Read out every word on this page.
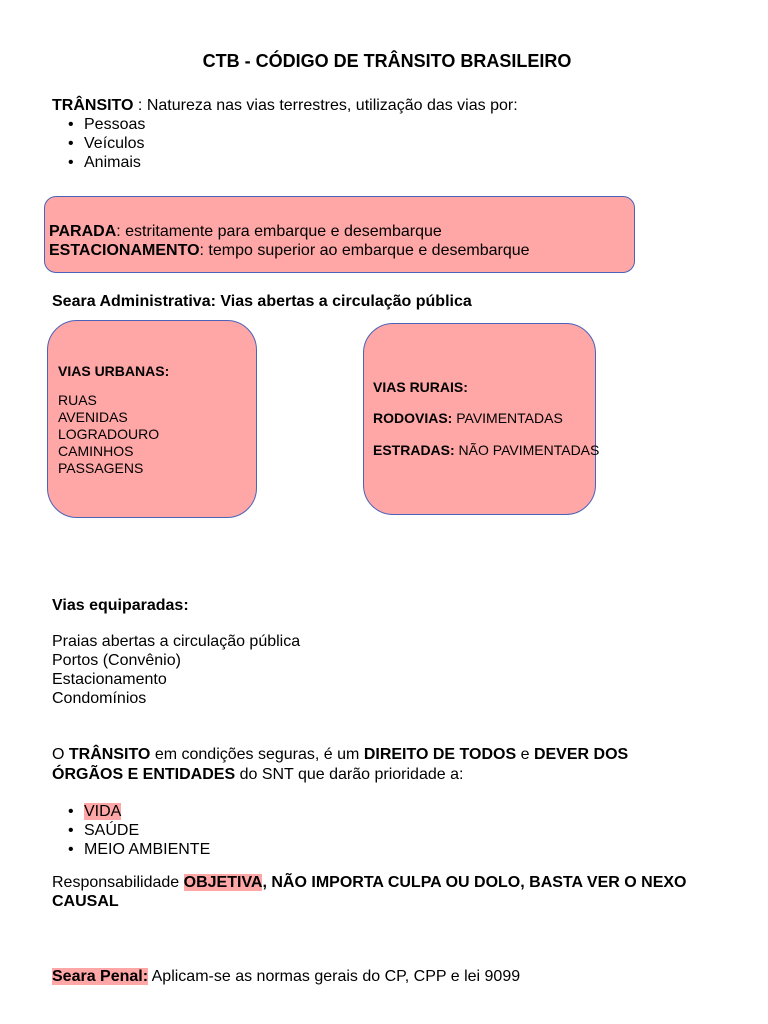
CTB - CÓDIGO DE TRÂNSITO BRASILEIRO
TRÂNSITO : Natureza nas vias terrestres, utilização das vias por:
• Pessoas
• Veículos
• Animais
PARADA: estritamente para embarque e desembarque
ESTACIONAMENTO: tempo superior ao embarque e desembarque
Seara Administrativa: Vias abertas a circulação pública
VIAS URBANAS:
RUAS
AVENIDAS
LOGRADOURO
CAMINHOS
PASSAGENS
VIAS RURAIS:
RODOVIAS: PAVIMENTADAS
ESTRADAS: NÃO PAVIMENTADAS
Vias equiparadas:
Praias abertas a circulação pública
Portos (Convênio)
Estacionamento
Condomínios
O TRÂNSITO em condições seguras, é um DIREITO DE TODOS e DEVER DOS
ÓRGÃOS E ENTIDADES do SNT que darão prioridade a:
• VIDA
• SAÚDE
• MEIO AMBIENTE
Responsabilidade OBJETIVA, NÃO IMPORTA CULPA OU DOLO, BASTA VER O NEXO
CAUSAL
Seara Penal: Aplicam-se as normas gerais do CP, CPP e lei 9099
